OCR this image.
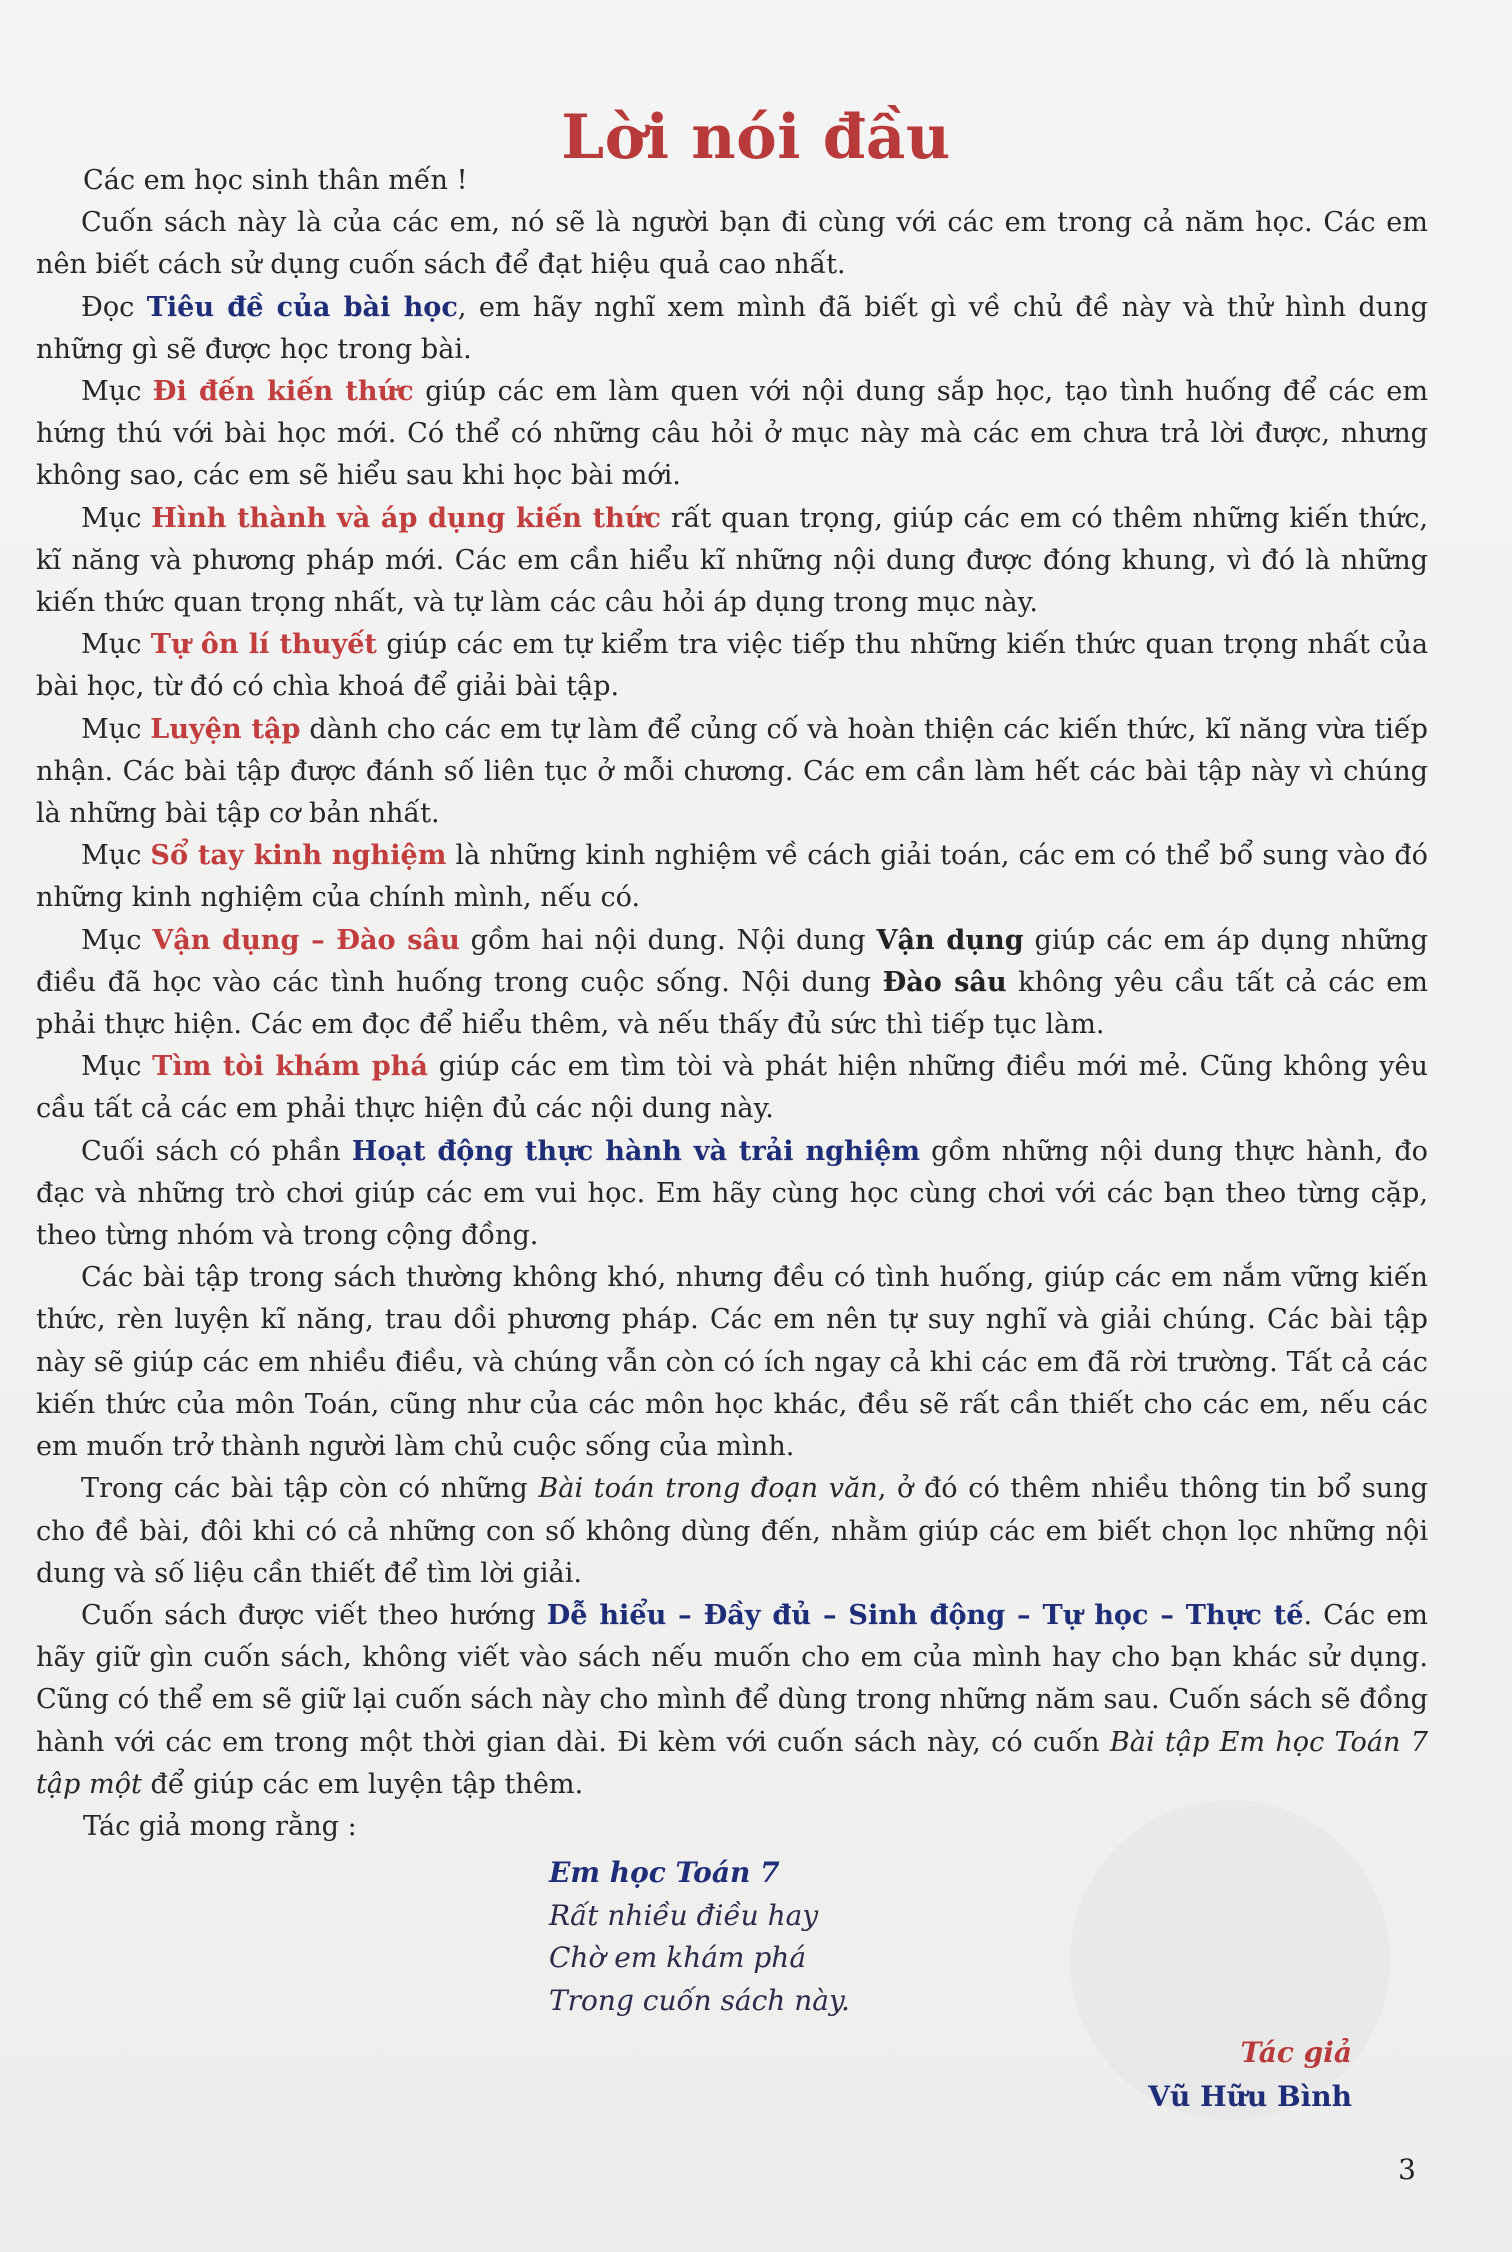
Lời nói đầu

Các em học sinh thân mến !

Cuốn sách này là của các em, nó sẽ là người bạn đi cùng với các em trong cả năm học. Các em nên biết cách sử dụng cuốn sách để đạt hiệu quả cao nhất.

Đọc Tiêu đề của bài học, em hãy nghĩ xem mình đã biết gì về chủ đề này và thử hình dung những gì sẽ được học trong bài.

Mục Đi đến kiến thức giúp các em làm quen với nội dung sắp học, tạo tình huống để các em hứng thú với bài học mới. Có thể có những câu hỏi ở mục này mà các em chưa trả lời được, nhưng không sao, các em sẽ hiểu sau khi học bài mới.

Mục Hình thành và áp dụng kiến thức rất quan trọng, giúp các em có thêm những kiến thức, kĩ năng và phương pháp mới. Các em cần hiểu kĩ những nội dung được đóng khung, vì đó là những kiến thức quan trọng nhất, và tự làm các câu hỏi áp dụng trong mục này.

Mục Tự ôn lí thuyết giúp các em tự kiểm tra việc tiếp thu những kiến thức quan trọng nhất của bài học, từ đó có chìa khoá để giải bài tập.

Mục Luyện tập dành cho các em tự làm để củng cố và hoàn thiện các kiến thức, kĩ năng vừa tiếp nhận. Các bài tập được đánh số liên tục ở mỗi chương. Các em cần làm hết các bài tập này vì chúng là những bài tập cơ bản nhất.

Mục Sổ tay kinh nghiệm là những kinh nghiệm về cách giải toán, các em có thể bổ sung vào đó những kinh nghiệm của chính mình, nếu có.

Mục Vận dụng – Đào sâu gồm hai nội dung. Nội dung Vận dụng giúp các em áp dụng những điều đã học vào các tình huống trong cuộc sống. Nội dung Đào sâu không yêu cầu tất cả các em phải thực hiện. Các em đọc để hiểu thêm, và nếu thấy đủ sức thì tiếp tục làm.

Mục Tìm tòi khám phá giúp các em tìm tòi và phát hiện những điều mới mẻ. Cũng không yêu cầu tất cả các em phải thực hiện đủ các nội dung này.

Cuối sách có phần Hoạt động thực hành và trải nghiệm gồm những nội dung thực hành, đo đạc và những trò chơi giúp các em vui học. Em hãy cùng học cùng chơi với các bạn theo từng cặp, theo từng nhóm và trong cộng đồng.

Các bài tập trong sách thường không khó, nhưng đều có tình huống, giúp các em nắm vững kiến thức, rèn luyện kĩ năng, trau dồi phương pháp. Các em nên tự suy nghĩ và giải chúng. Các bài tập này sẽ giúp các em nhiều điều, và chúng vẫn còn có ích ngay cả khi các em đã rời trường. Tất cả các kiến thức của môn Toán, cũng như của các môn học khác, đều sẽ rất cần thiết cho các em, nếu các em muốn trở thành người làm chủ cuộc sống của mình.

Trong các bài tập còn có những Bài toán trong đoạn văn, ở đó có thêm nhiều thông tin bổ sung cho đề bài, đôi khi có cả những con số không dùng đến, nhằm giúp các em biết chọn lọc những nội dung và số liệu cần thiết để tìm lời giải.

Cuốn sách được viết theo hướng Dễ hiểu – Đầy đủ – Sinh động – Tự học – Thực tế. Các em hãy giữ gìn cuốn sách, không viết vào sách nếu muốn cho em của mình hay cho bạn khác sử dụng. Cũng có thể em sẽ giữ lại cuốn sách này cho mình để dùng trong những năm sau. Cuốn sách sẽ đồng hành với các em trong một thời gian dài. Đi kèm với cuốn sách này, có cuốn Bài tập Em học Toán 7 tập một để giúp các em luyện tập thêm.

Tác giả mong rằng :

Em học Toán 7
Rất nhiều điều hay
Chờ em khám phá
Trong cuốn sách này.
Tác giả
Vũ Hữu Bình
3
